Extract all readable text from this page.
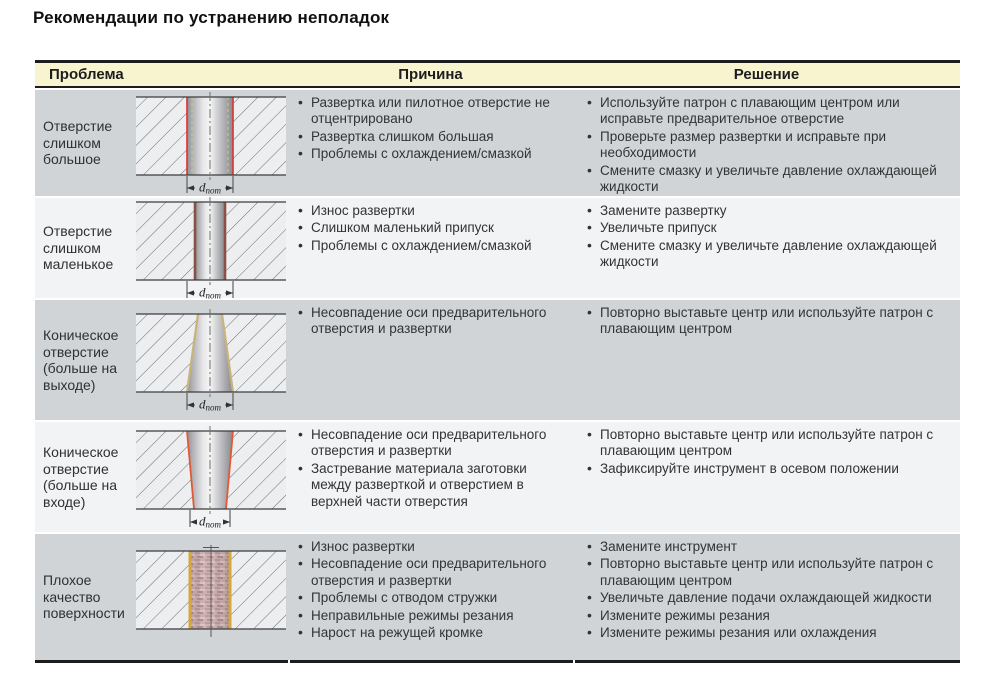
Рекомендации по устранению неполадок
Проблема	Причина	Решение
Отверстие слишком большое
dnom
• Развертка или пилотное отверстие не отцентрировано
• Развертка слишком большая
• Проблемы с охлаждением/смазкой
• Используйте патрон с плавающим центром или исправьте предварительное отверстие
• Проверьте размер развертки и исправьте при необходимости
• Смените смазку и увеличьте давление охлаждающей жидкости
Отверстие слишком маленькое
dnom
• Износ развертки
• Слишком маленький припуск
• Проблемы с охлаждением/смазкой
• Замените развертку
• Увеличьте припуск
• Смените смазку и увеличьте давление охлаждающей жидкости
Коническое отверстие (больше на выходе)
dnom
• Несовпадение оси предварительного отверстия и развертки
• Повторно выставьте центр или используйте патрон с плавающим центром
Коническое отверстие (больше на входе)
dnom
• Несовпадение оси предварительного отверстия и развертки
• Застревание материала заготовки между разверткой и отверстием в верхней части отверстия
• Повторно выставьте центр или используйте патрон с плавающим центром
• Зафиксируйте инструмент в осевом положении
Плохое качество поверхности
• Износ развертки
• Несовпадение оси предварительного отверстия и развертки
• Проблемы с отводом стружки
• Неправильные режимы резания
• Нарост на режущей кромке
• Замените инструмент
• Повторно выставьте центр или используйте патрон с плавающим центром
• Увеличьте давление подачи охлаждающей жидкости
• Измените режимы резания
• Измените режимы резания или охлаждения
